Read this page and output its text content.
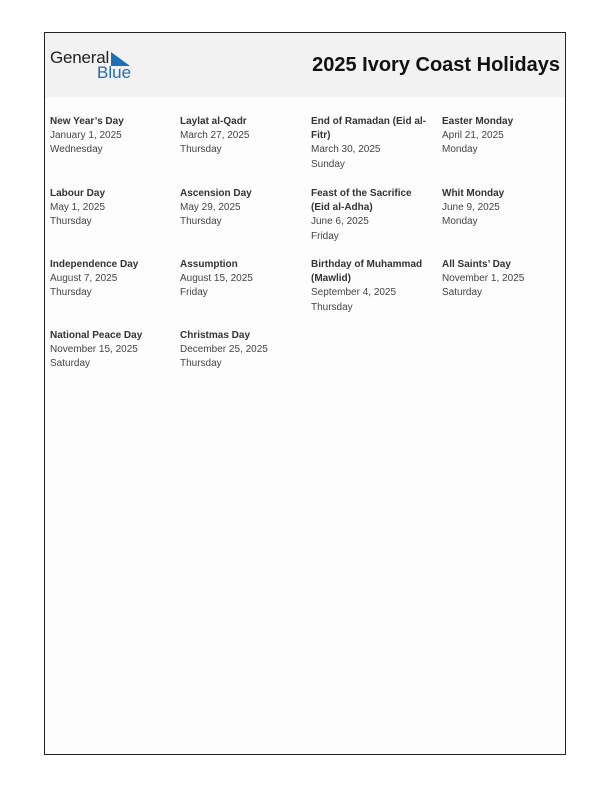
General
Blue	2025 Ivory Coast Holidays
New Year’s Day
January 1, 2025
Wednesday
Laylat al-Qadr
March 27, 2025
Thursday
End of Ramadan (Eid al-Fitr)
March 30, 2025
Sunday
Easter Monday
April 21, 2025
Monday
Labour Day
May 1, 2025
Thursday
Ascension Day
May 29, 2025
Thursday
Feast of the Sacrifice (Eid al-Adha)
June 6, 2025
Friday
Whit Monday
June 9, 2025
Monday
Independence Day
August 7, 2025
Thursday
Assumption
August 15, 2025
Friday
Birthday of Muhammad (Mawlid)
September 4, 2025
Thursday
All Saints’ Day
November 1, 2025
Saturday
National Peace Day
November 15, 2025
Saturday
Christmas Day
December 25, 2025
Thursday
